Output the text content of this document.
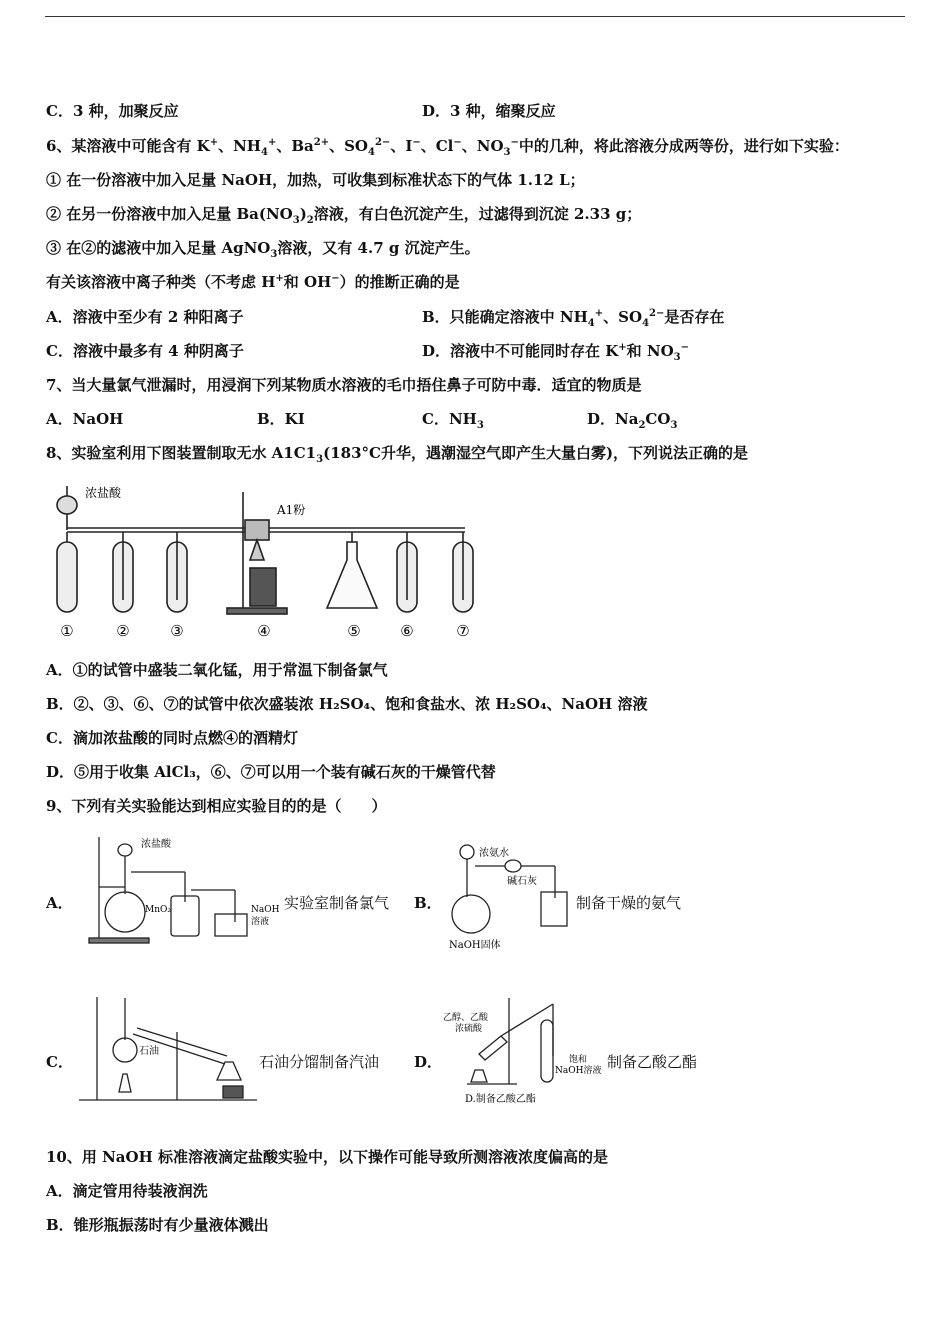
C．3 种，加聚反应	D．3 种，缩聚反应
6、某溶液中可能含有 K+、$NH_4^+$、$Ba^{2+}$、$SO_4^{2-}$、I−、Cl−、$NO_3^-$中的几种，将此溶液分成两等份，进行如下实验：
① 在一份溶液中加入足量 NaOH，加热，可收集到标准状态下的气体 1.12 L；
② 在另一份溶液中加入足量 $Ba(NO_3)_2$溶液，有白色沉淀产生，过滤得到沉淀 2.33 g；
③ 在②的滤液中加入足量 AgNO$_3$溶液，又有 4.7 g 沉淀产生。
有关该溶液中离子种类（不考虑 H+和 OH−）的推断正确的是
A．溶液中至少有 2 种阳离子	B．只能确定溶液中 $NH_4^+$、$SO_4^{2-}$是否存在
C．溶液中最多有 4 种阴离子	D．溶液中不可能同时存在 K+和 $NO_3^-$
7、当大量氯气泄漏时，用浸润下列某物质水溶液的毛巾捂住鼻子可防中毒．适宜的物质是
A．NaOH	B．KI	C．$NH_3$	D．$Na_2CO_3$
8、实验室利用下图装置制取无水 $A1C1_3(183^\circ C$升华，遇潮湿空气即产生大量白雾)，下列说法正确的是
浓盐酸
A1粉
①	②	③	④	⑤	⑥	⑦
A．①的试管中盛装二氧化锰，用于常温下制备氯气
B．②、③、⑥、⑦的试管中依次盛装浓 H₂SO₄、饱和食盐水、浓 H₂SO₄、NaOH 溶液
C．滴加浓盐酸的同时点燃④的酒精灯
D．⑤用于收集 AlCl₃，⑥、⑦可以用一个装有碱石灰的干燥管代替
9、下列有关实验能达到相应实验目的的是（　　）
A．
浓盐酸
MnO₂	NaOH
溶液
实验室制备氯气 B．
浓氨水
碱石灰
NaOH固体
制备干燥的氨气
C．
石油
石油分馏制备汽油 D．
乙醇、乙酸
浓硫酸
饱和
NaOH溶液
D.制备乙酸乙酯
制备乙酸乙酯
10、用 NaOH 标准溶液滴定盐酸实验中，以下操作可能导致所测溶液浓度偏高的是
A．滴定管用待装液润洗
B．锥形瓶振荡时有少量液体溅出
